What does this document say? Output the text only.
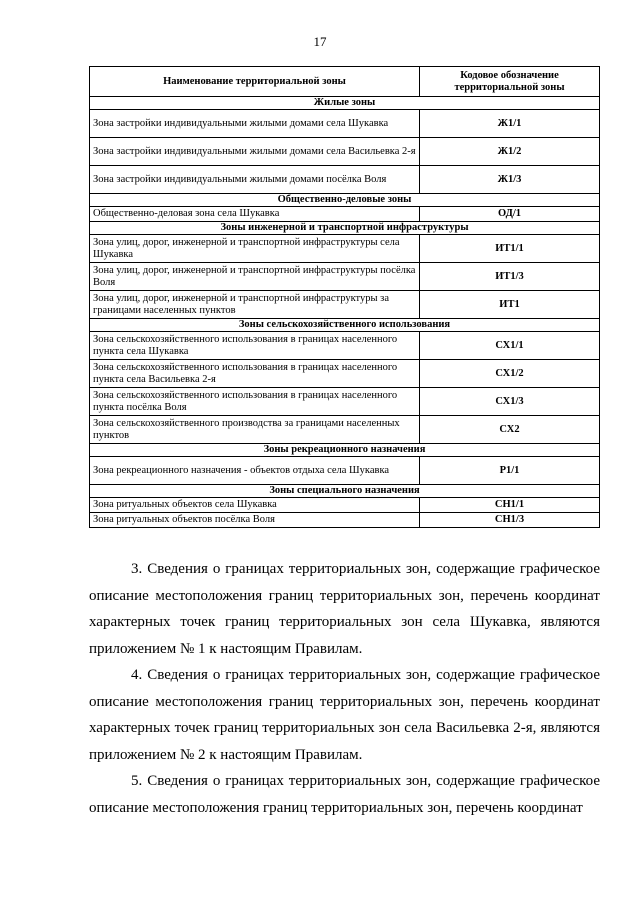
17
Наименование территориальной зоны	Кодовое обозначение территориальной зоны
Жилые зоны	
Зона застройки индивидуальными жилыми домами села Шукавка	Ж1/1
Зона застройки индивидуальными жилыми домами села Васильевка 2-я	Ж1/2
Зона застройки индивидуальными жилыми домами посёлка Воля	Ж1/3
Общественно-деловые зоны	
Общественно-деловая зона села Шукавка	ОД/1
Зоны инженерной и транспортной инфраструктуры	
Зона улиц, дорог, инженерной и транспортной инфраструктуры села Шукавка	ИТ1/1
Зона улиц, дорог, инженерной и транспортной инфраструктуры посёлка Воля	ИТ1/3
Зона улиц, дорог, инженерной и транспортной инфраструктуры за границами населенных пунктов	ИТ1
Зоны сельскохозяйственного использования	
Зона сельскохозяйственного использования в границах населенного пункта села Шукавка	СХ1/1
Зона сельскохозяйственного использования в границах населенного пункта села Васильевка 2-я	СХ1/2
Зона сельскохозяйственного использования в границах населенного пункта посёлка Воля	СХ1/3
Зона сельскохозяйственного производства за границами населенных пунктов	СХ2
Зоны рекреационного назначения	
Зона рекреационного назначения - объектов отдыха села Шукавка	Р1/1
Зоны специального назначения	
Зона ритуальных объектов села Шукавка	СН1/1
Зона ритуальных объектов посёлка Воля	СН1/3

3. Сведения о границах территориальных зон, содержащие графическое описание местоположения границ территориальных зон, перечень координат характерных точек границ территориальных зон села Шукавка, являются приложением № 1 к настоящим Правилам.

4. Сведения о границах территориальных зон, содержащие графическое описание местоположения границ территориальных зон, перечень координат характерных точек границ территориальных зон села Васильевка 2-я, являются приложением № 2 к настоящим Правилам.

5. Сведения о границах территориальных зон, содержащие графическое описание местоположения границ территориальных зон, перечень координат
